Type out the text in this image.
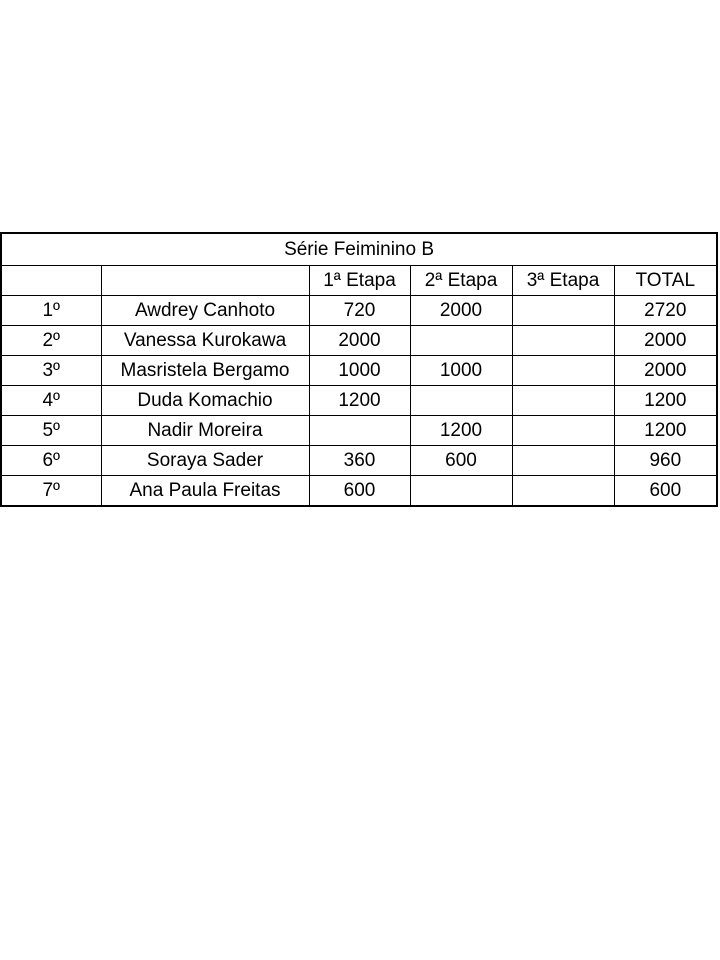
Série Feiminino B					
		1ª Etapa	2ª Etapa	3ª Etapa	TOTAL
1º	Awdrey Canhoto	720	2000		2720
2º	Vanessa Kurokawa	2000			2000
3º	Masristela Bergamo	1000	1000		2000
4º	Duda Komachio	1200			1200
5º	Nadir Moreira		1200		1200
6º	Soraya Sader	360	600		960
7º	Ana Paula Freitas	600			600
